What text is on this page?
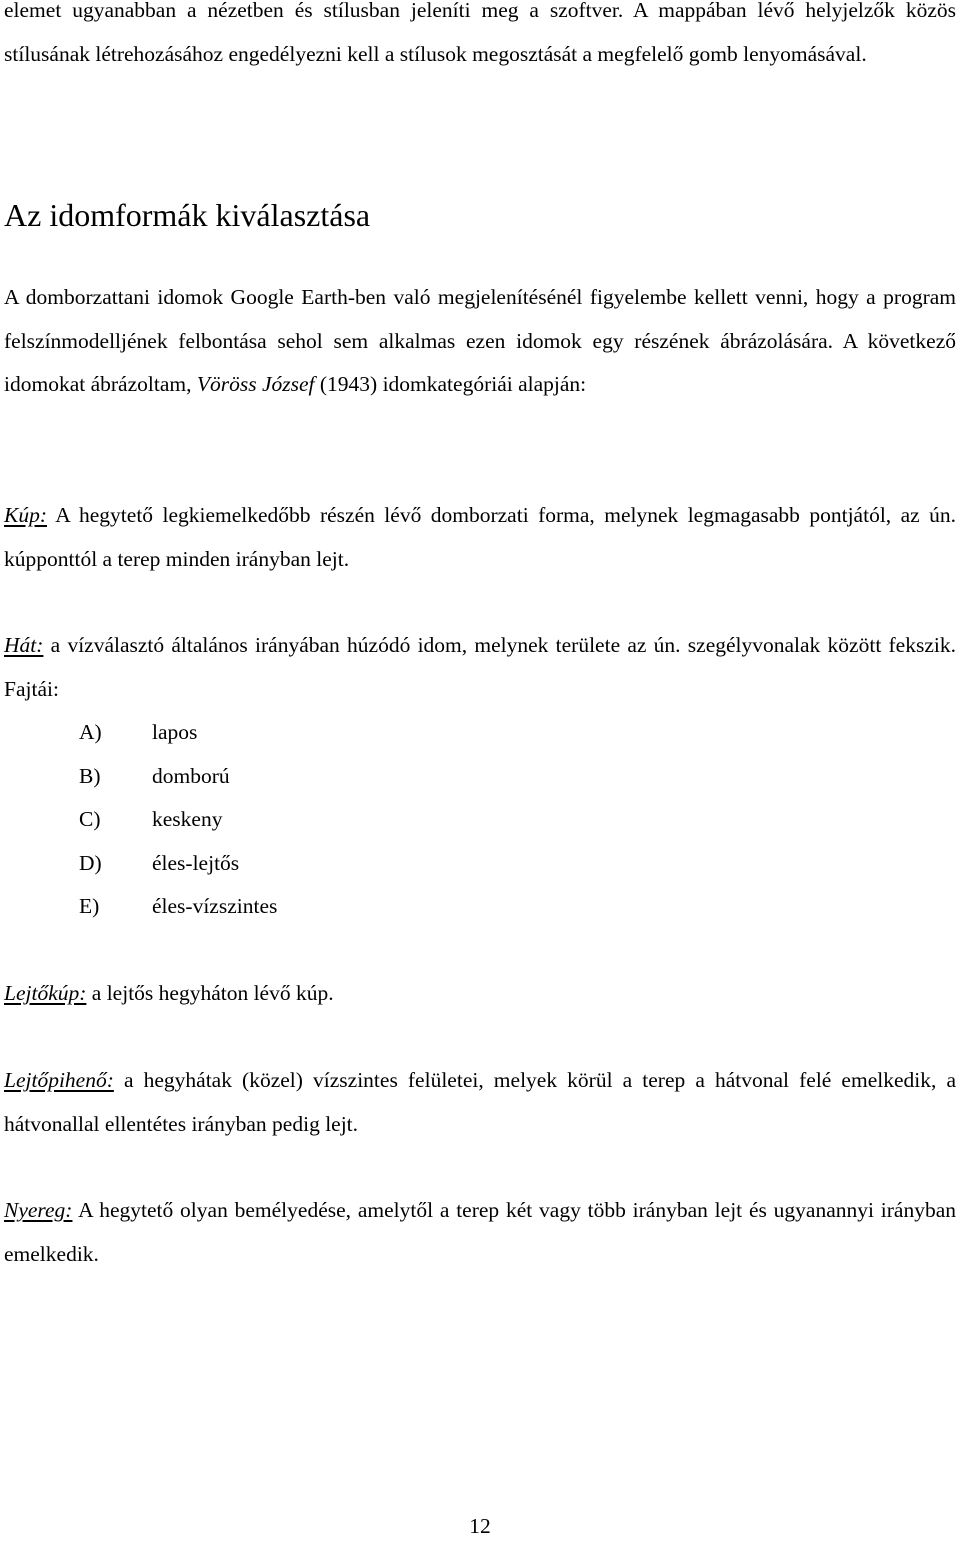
elemet ugyanabban a nézetben és stílusban jeleníti meg a szoftver. A mappában lévő helyjelzők közös stílusának létrehozásához engedélyezni kell a stílusok megosztását a megfelelő gomb lenyomásával.

Az idomformák kiválasztása

A domborzattani idomok Google Earth-ben való megjelenítésénél figyelembe kellett venni, hogy a program felszínmodelljének felbontása sehol sem alkalmas ezen idomok egy részének ábrázolására. A következő idomokat ábrázoltam, Vöröss József (1943) idomkategóriái alapján:

Kúp: A hegytető legkiemelkedőbb részén lévő domborzati forma, melynek legmagasabb pontjától, az ún. kúpponttól a terep minden irányban lejt.

Hát: a vízválasztó általános irányában húzódó idom, melynek területe az ún. szegélyvonalak között fekszik. Fajtái:

A)	lapos
B)	domború
C)	keskeny
D)	éles-lejtős
E)	éles-vízszintes

Lejtőkúp: a lejtős hegyháton lévő kúp.

Lejtőpihenő: a hegyhátak (közel) vízszintes felületei, melyek körül a terep a hátvonal felé emelkedik, a hátvonallal ellentétes irányban pedig lejt.

Nyereg: A hegytető olyan bemélyedése, amelytől a terep két vagy több irányban lejt és ugyanannyi irányban emelkedik.

12
